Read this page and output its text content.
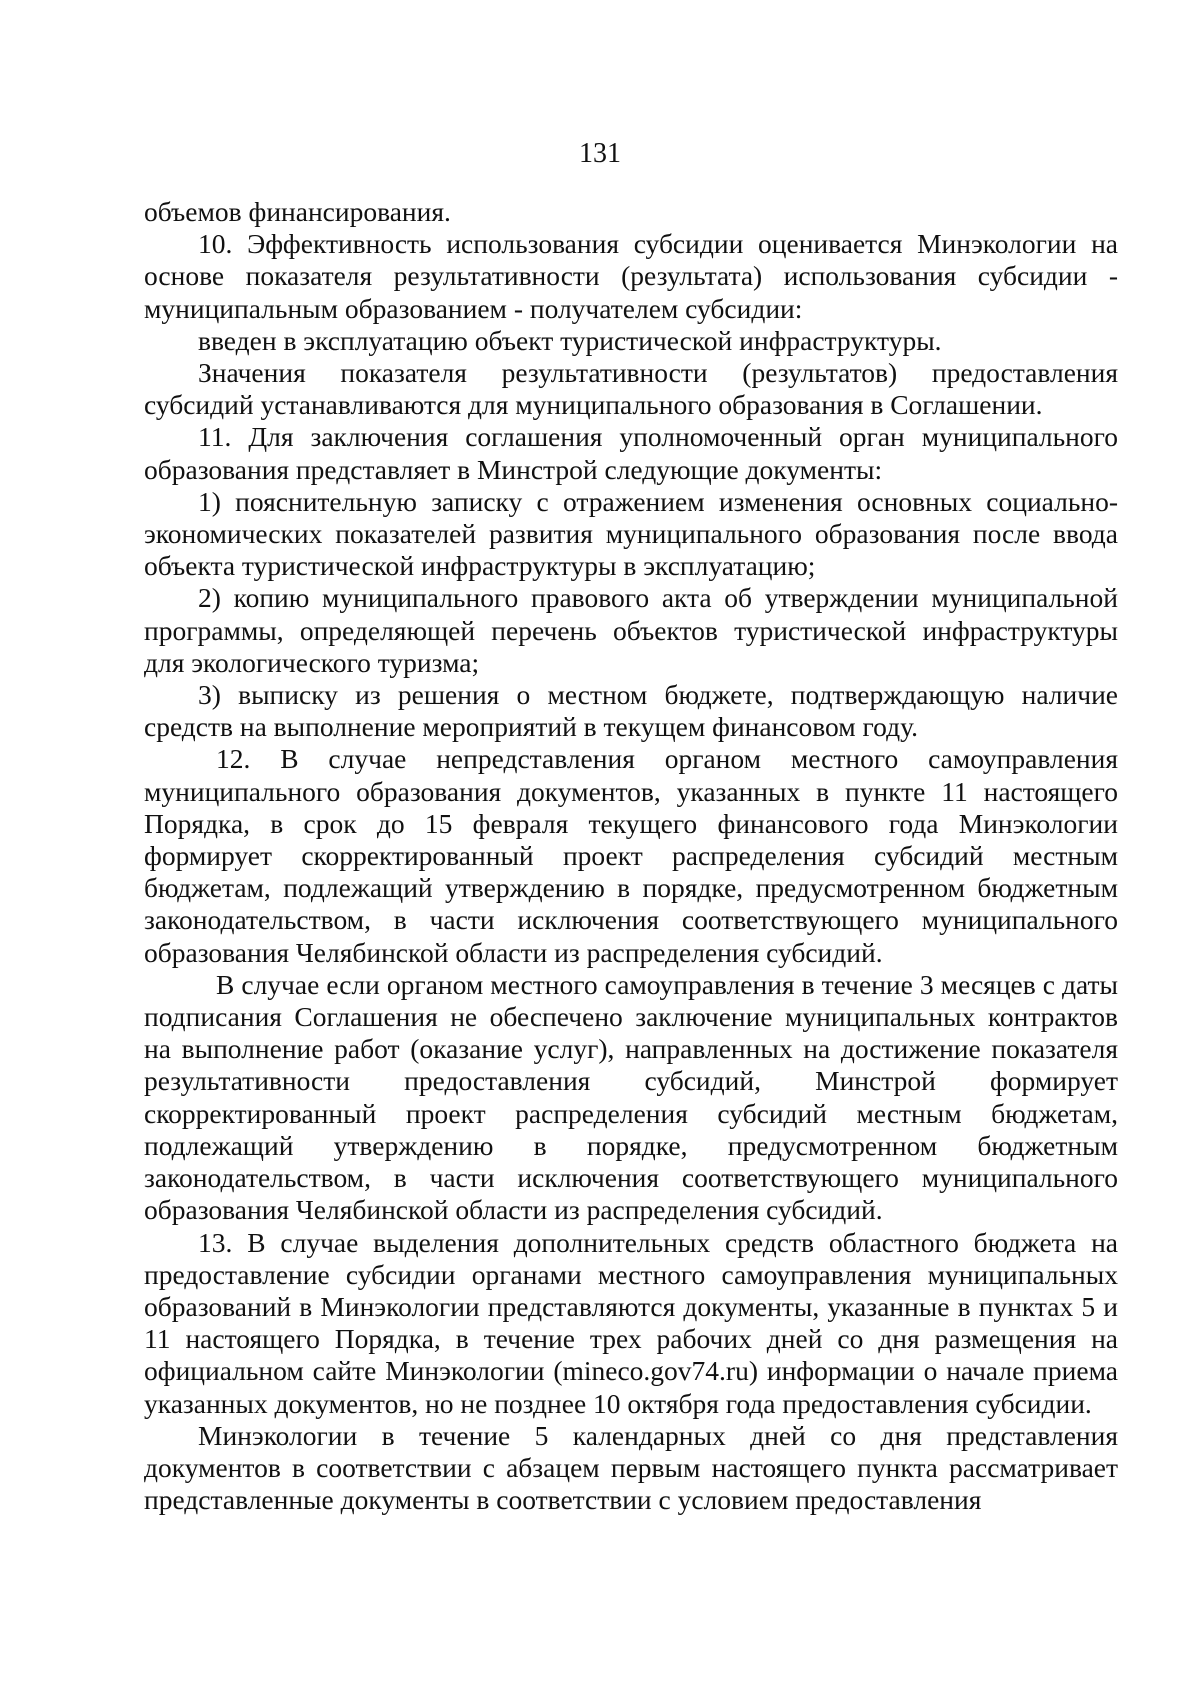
131

объемов финансирования.

10. Эффективность использования субсидии оценивается Минэкологии на основе показателя результативности (результата) использования субсидии - муниципальным образованием - получателем субсидии:

введен в эксплуатацию объект туристической инфраструктуры.

Значения показателя результативности (результатов) предоставления субсидий устанавливаются для муниципального образования в Соглашении.

11. Для заключения соглашения уполномоченный орган муниципального образования представляет в Минстрой следующие документы:

1) пояснительную записку с отражением изменения основных социально-экономических показателей развития муниципального образования после ввода объекта туристической инфраструктуры в эксплуатацию;

2) копию муниципального правового акта об утверждении муниципальной программы, определяющей перечень объектов туристической инфраструктуры для экологического туризма;

3) выписку из решения о местном бюджете, подтверждающую наличие средств на выполнение мероприятий в текущем финансовом году.

12. В случае непредставления органом местного самоуправления муниципального образования документов, указанных в пункте 11 настоящего Порядка, в срок до 15 февраля текущего финансового года Минэкологии формирует скорректированный проект распределения субсидий местным бюджетам, подлежащий утверждению в порядке, предусмотренном бюджетным законодательством, в части исключения соответствующего муниципального образования Челябинской области из распределения субсидий.

В случае если органом местного самоуправления в течение 3 месяцев с даты подписания Соглашения не обеспечено заключение муниципальных контрактов на выполнение работ (оказание услуг), направленных на достижение показателя результативности предоставления субсидий, Минстрой формирует скорректированный проект распределения субсидий местным бюджетам, подлежащий утверждению в порядке, предусмотренном бюджетным законодательством, в части исключения соответствующего муниципального образования Челябинской области из распределения субсидий.

13. В случае выделения дополнительных средств областного бюджета на предоставление субсидии органами местного самоуправления муниципальных образований в Минэкологии представляются документы, указанные в пунктах 5 и 11 настоящего Порядка, в течение трех рабочих дней со дня размещения на официальном сайте Минэкологии (mineco.gov74.ru) информации о начале приема указанных документов, но не позднее 10 октября года предоставления субсидии.

Минэкологии в течение 5 календарных дней со дня представления документов в соответствии с абзацем первым настоящего пункта рассматривает представленные документы в соответствии с условием предоставления
